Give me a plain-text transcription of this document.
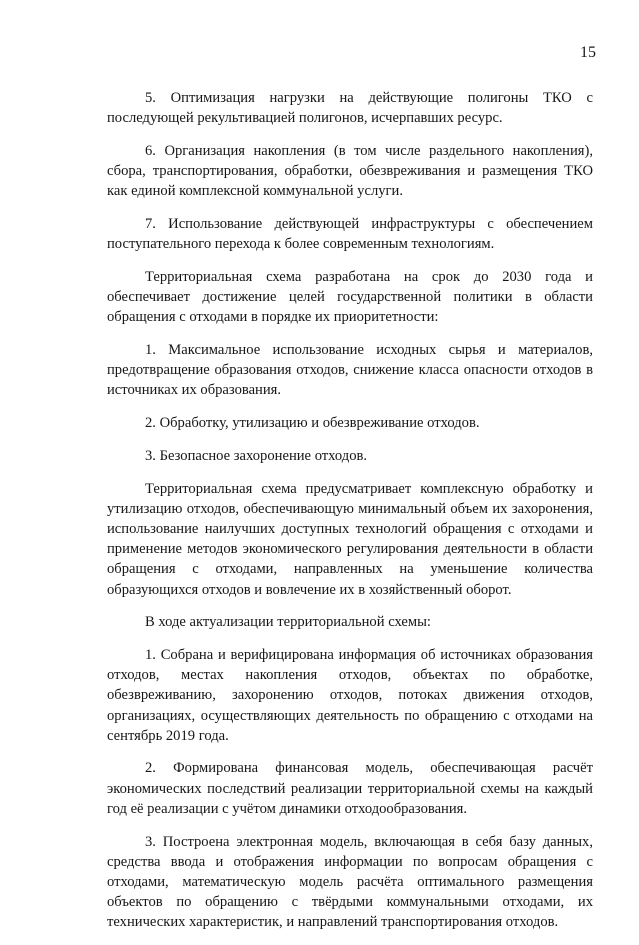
15

5. Оптимизация нагрузки на действующие полигоны ТКО с последующей рекультивацией полигонов, исчерпавших ресурс.

6. Организация накопления (в том числе раздельного накопления), сбора, транспортирования, обработки, обезвреживания и размещения ТКО как единой комплексной коммунальной услуги.

7. Использование действующей инфраструктуры с обеспечением поступательного перехода к более современным технологиям.

Территориальная схема разработана на срок до 2030 года и обеспечивает достижение целей государственной политики в области обращения с отходами в порядке их приоритетности:

1. Максимальное использование исходных сырья и материалов, предотвращение образования отходов, снижение класса опасности отходов в источниках их образования.

2. Обработку, утилизацию и обезвреживание отходов.

3. Безопасное захоронение отходов.

Территориальная схема предусматривает комплексную обработку и утилизацию отходов, обеспечивающую минимальный объем их захоронения, использование наилучших доступных технологий обращения с отходами и применение методов экономического регулирования деятельности в области обращения с отходами, направленных на уменьшение количества образующихся отходов и вовлечение их в хозяйственный оборот.

В ходе актуализации территориальной схемы:

1. Собрана и верифицирована информация об источниках образования отходов, местах накопления отходов, объектах по обработке, обезвреживанию, захоронению отходов, потоках движения отходов, организациях, осуществляющих деятельность по обращению с отходами на сентябрь 2019 года.

2. Формирована финансовая модель, обеспечивающая расчёт экономических последствий реализации территориальной схемы на каждый год её реализации с учётом динамики отходообразования.

3. Построена электронная модель, включающая в себя базу данных, средства ввода и отображения информации по вопросам обращения с отходами, математическую модель расчёта оптимального размещения объектов по обращению с твёрдыми коммунальными отходами, их технических характеристик, и направлений транспортирования отходов.
